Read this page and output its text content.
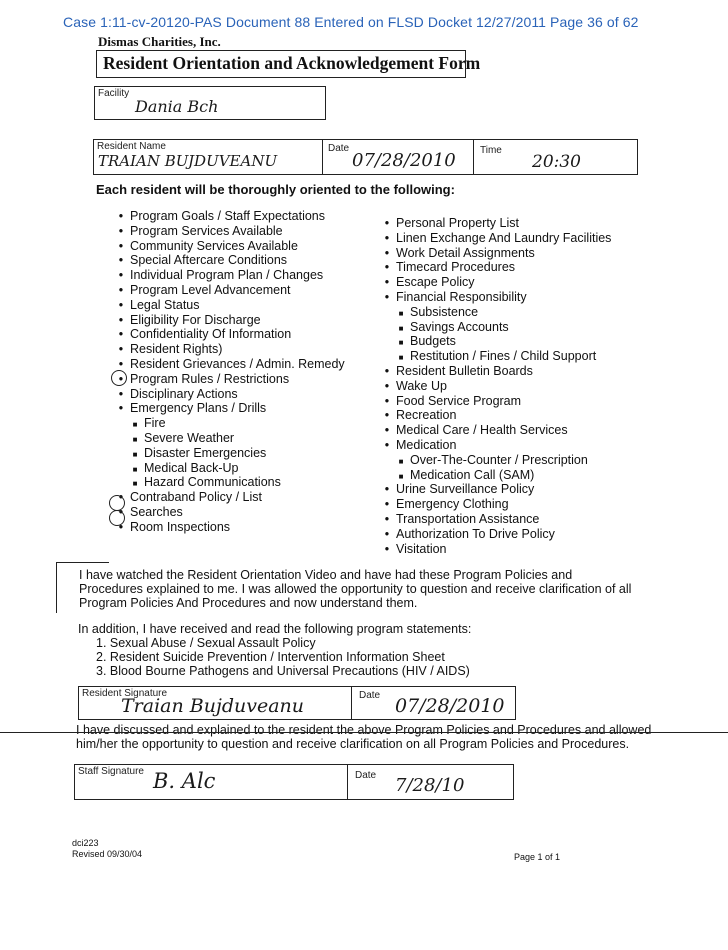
Case 1:11-cv-20120-PAS Document 88 Entered on FLSD Docket 12/27/2011 Page 36 of 62
Dismas Charities, Inc.
Resident Orientation and Acknowledgement Form
Facility
Dania Bch
Resident Name
TRAIAN BUJDUVEANU
Date
07/28/2010 Time
20:30
Each resident will be thoroughly oriented to the following:
• Program Goals / Staff Expectations
• Program Services Available
• Community Services Available
• Special Aftercare Conditions
• Individual Program Plan / Changes
• Program Level Advancement
• Legal Status
• Eligibility For Discharge
• Confidentiality Of Information
• Resident Rights)
• Resident Grievances / Admin. Remedy
• Program Rules / Restrictions
• Disciplinary Actions
• Emergency Plans / Drills
■ Fire
■ Severe Weather
■ Disaster Emergencies
■ Medical Back-Up
■ Hazard Communications
• Contraband Policy / List
• Searches
• Room Inspections
• Personal Property List
• Linen Exchange And Laundry Facilities
• Work Detail Assignments
• Timecard Procedures
• Escape Policy
• Financial Responsibility
■ Subsistence
■ Savings Accounts
■ Budgets
■ Restitution / Fines / Child Support
• Resident Bulletin Boards
• Wake Up
• Food Service Program
• Recreation
• Medical Care / Health Services
• Medication
■ Over-The-Counter / Prescription
■ Medication Call (SAM)
• Urine Surveillance Policy
• Emergency Clothing
• Transportation Assistance
• Authorization To Drive Policy
• Visitation
I have watched the Resident Orientation Video and have had these Program Policies and Procedures explained to me. I was allowed the opportunity to question and receive clarification of all Program Policies And Procedures and now understand them.
In addition, I have received and read the following program statements:
1. Sexual Abuse / Sexual Assault Policy
2. Resident Suicide Prevention / Intervention Information Sheet
3. Blood Bourne Pathogens and Universal Precautions (HIV / AIDS)
Resident Signature
Traian Bujduveanu	Date 07/28/2010
I have discussed and explained to the resident the above Program Policies and Procedures and allowed him/her the opportunity to question and receive clarification on all Program Policies and Procedures.
Staff Signature B. Alc	Date 7/28/10
dci223
Revised 09/30/04	Page 1 of 1
